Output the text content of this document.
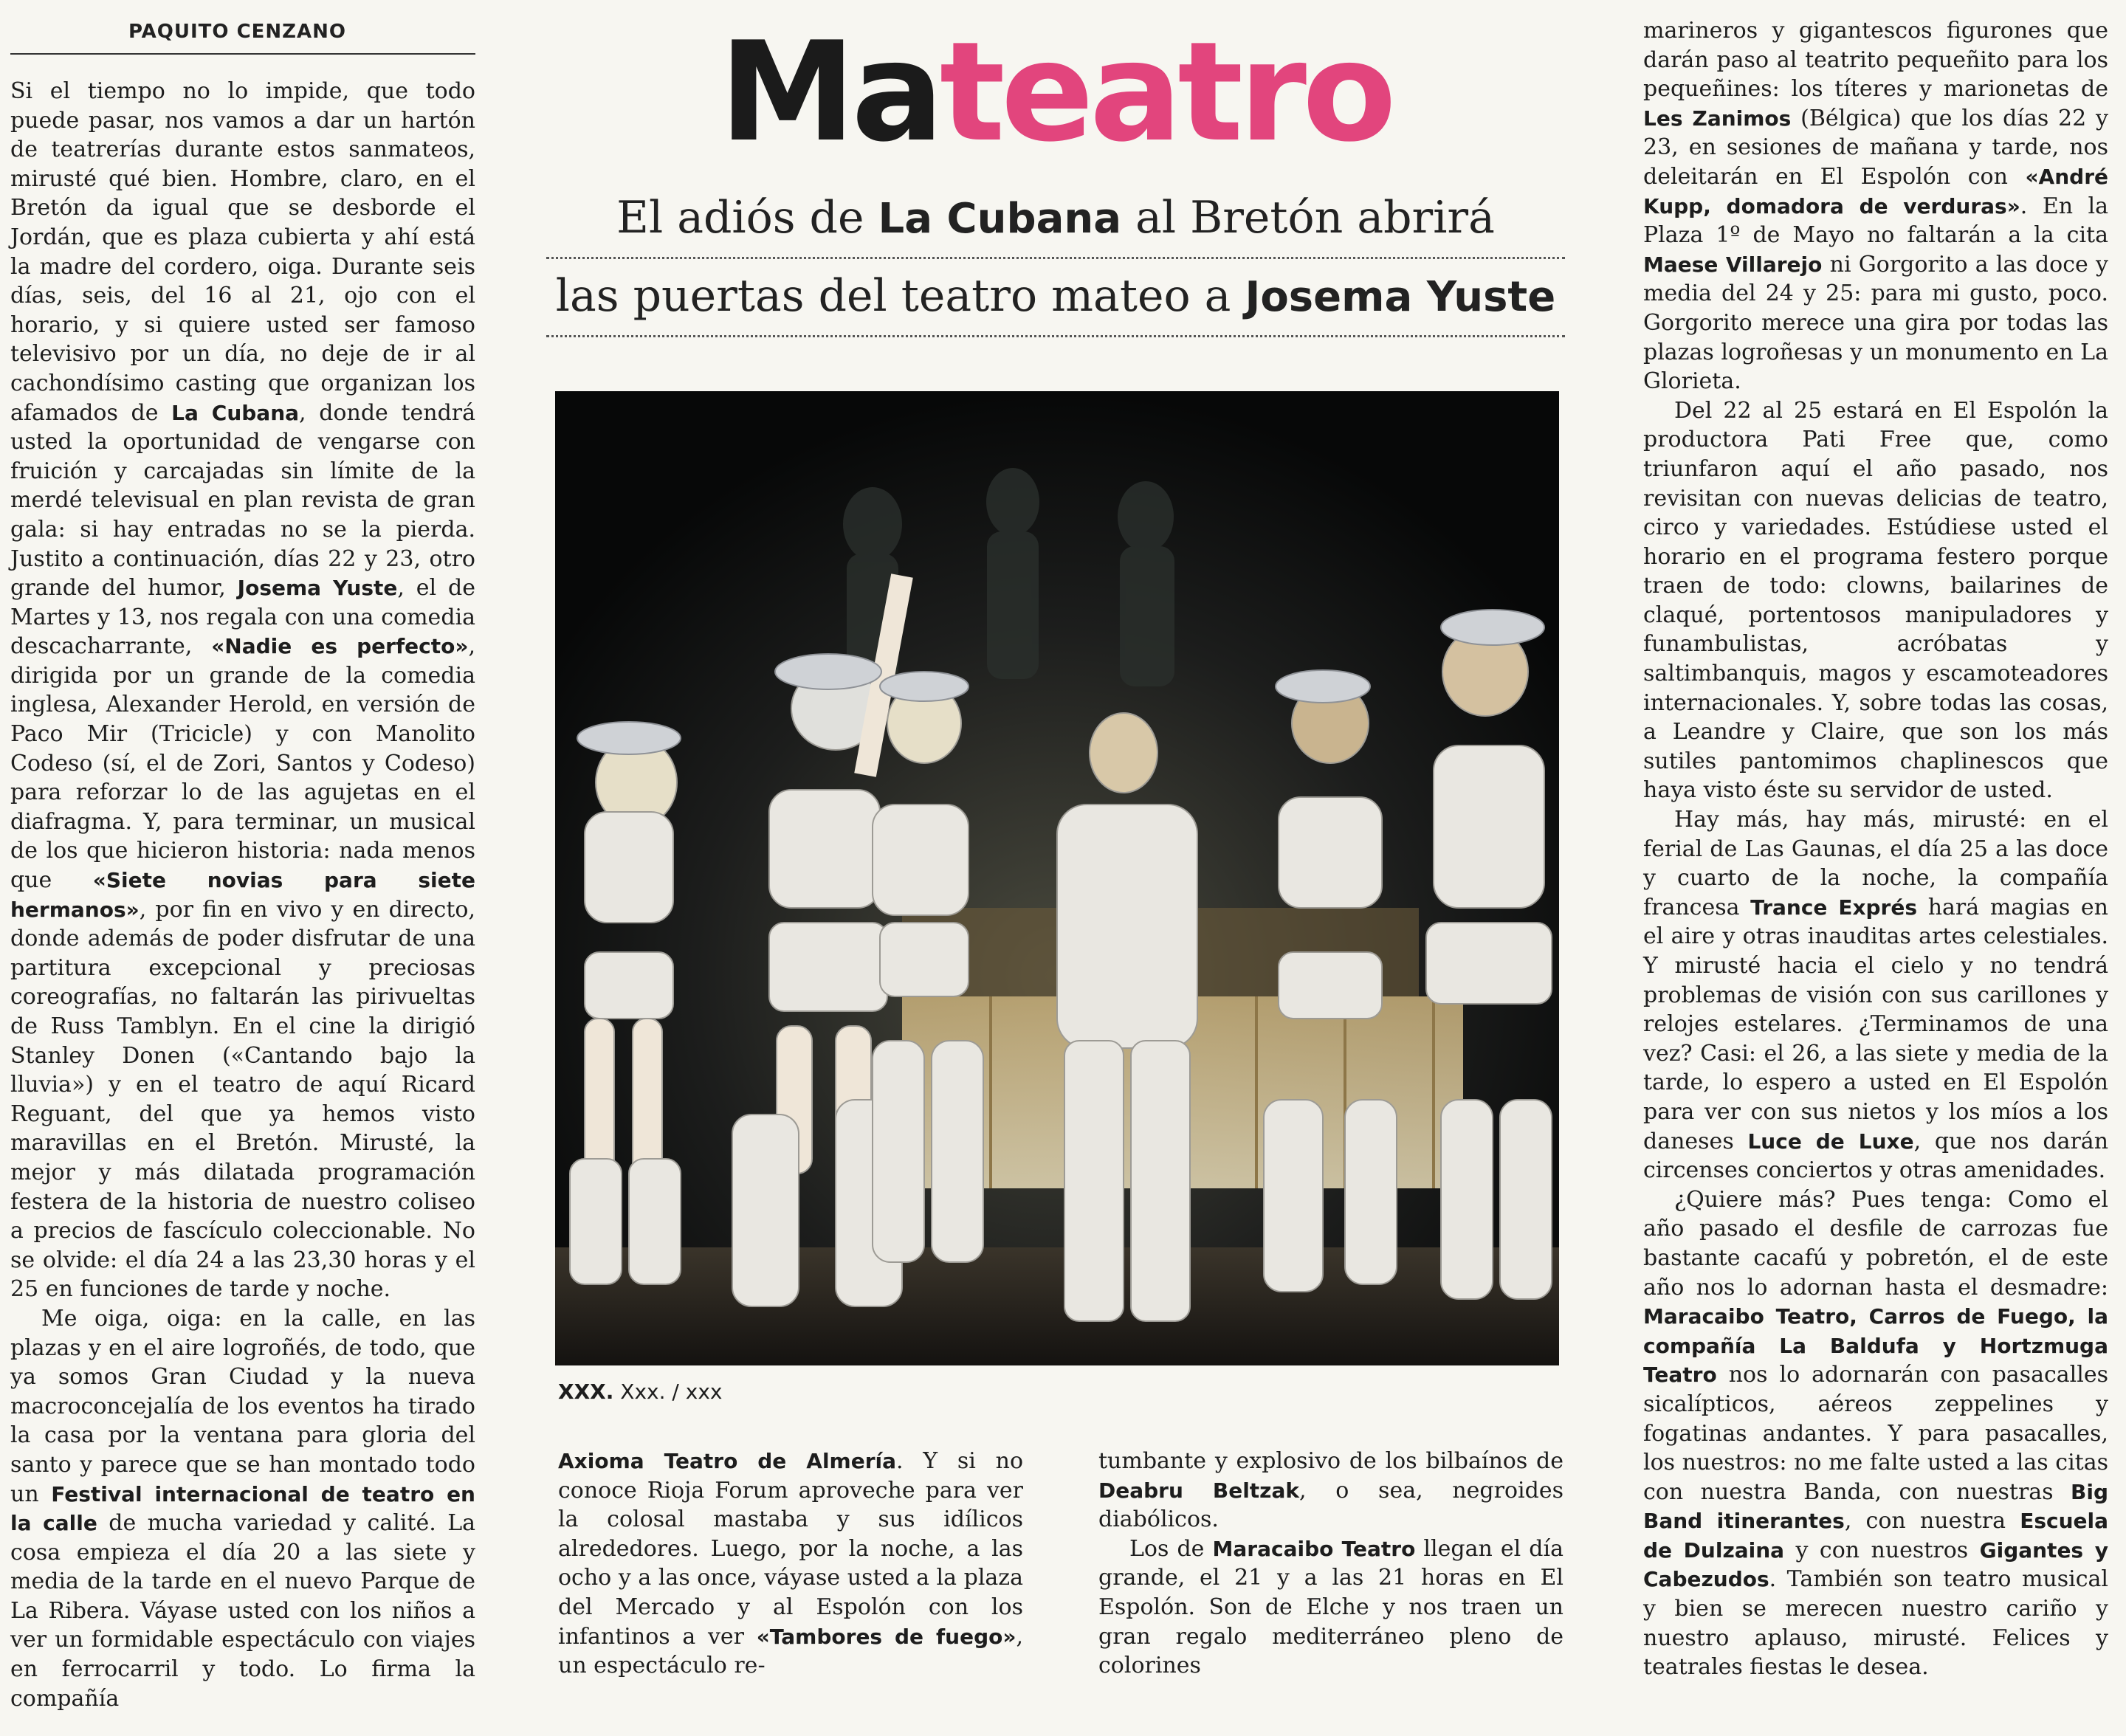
PAQUITO CENZANO	Mateatro
El adiós de La Cubana al Bretón abrirá
las puertas del teatro mateo a Josema Yuste
XXX. Xxx. / xxx

Si el tiempo no lo impide, que todo puede pasar, nos vamos a dar un hartón de teatrerías durante estos sanmateos, mirusté qué bien. Hombre, claro, en el Bretón da igual que se desborde el Jordán, que es plaza cubierta y ahí está la madre del cordero, oiga. Durante seis días, seis, del 16 al 21, ojo con el horario, y si quiere usted ser famoso televisivo por un día, no deje de ir al cachondísimo casting que organizan los afamados de La Cubana, donde tendrá usted la oportunidad de vengarse con fruición y carcajadas sin límite de la merdé televisual en plan revista de gran gala: si hay entradas no se la pierda. Justito a continuación, días 22 y 23, otro grande del humor, Josema Yuste, el de Martes y 13, nos regala con una comedia descacharrante, «Nadie es perfecto», dirigida por un grande de la comedia inglesa, Alexander Herold, en versión de Paco Mir (Tricicle) y con Manolito Codeso (sí, el de Zori, Santos y Codeso) para reforzar lo de las agujetas en el diafragma. Y, para terminar, un musical de los que hicieron historia: nada menos que «Siete novias para siete hermanos», por fin en vivo y en directo, donde además de poder disfrutar de una partitura excepcional y preciosas coreografías, no faltarán las pirivueltas de Russ Tamblyn. En el cine la dirigió Stanley Donen («Cantando bajo la lluvia») y en el teatro de aquí Ricard Reguant, del que ya hemos visto maravillas en el Bretón. Mirusté, la mejor y más dilatada programación festera de la historia de nuestro coliseo a precios de fascículo coleccionable. No se olvide: el día 24 a las 23,30 horas y el 25 en funciones de tarde y noche.

Me oiga, oiga: en la calle, en las plazas y en el aire logroñés, de todo, que ya somos Gran Ciudad y la nueva macroconcejalía de los eventos ha tirado la casa por la ventana para gloria del santo y parece que se han montado todo un Festival internacional de teatro en la calle de mucha variedad y calité. La cosa empieza el día 20 a las siete y media de la tarde en el nuevo Parque de La Ribera. Váyase usted con los niños a ver un formidable espectáculo con viajes en ferrocarril y todo. Lo firma la compañía

Axioma Teatro de Almería. Y si no conoce Rioja Forum aproveche para ver la colosal mastaba y sus idílicos alrededores. Luego, por la noche, a las ocho y a las once, váyase usted a la plaza del Mercado y al Espolón con los infantinos a ver «Tambores de fuego», un espectáculo re-

tumbante y explosivo de los bilbaínos de Deabru Beltzak, o sea, negroides diabólicos.

Los de Maracaibo Teatro llegan el día grande, el 21 y a las 21 horas en El Espolón. Son de Elche y nos traen un gran regalo mediterráneo pleno de colorines

marineros y gigantescos figurones que darán paso al teatrito pequeñito para los pequeñines: los títeres y marionetas de Les Zanimos (Bélgica) que los días 22 y 23, en sesiones de mañana y tarde, nos deleitarán en El Espolón con «André Kupp, domadora de verduras». En la Plaza 1º de Mayo no faltarán a la cita Maese Villarejo ni Gorgorito a las doce y media del 24 y 25: para mi gusto, poco. Gorgorito merece una gira por todas las plazas logroñesas y un monumento en La Glorieta.

Del 22 al 25 estará en El Espolón la productora Pati Free que, como triunfaron aquí el año pasado, nos revisitan con nuevas delicias de teatro, circo y variedades. Estúdiese usted el horario en el programa festero porque traen de todo: clowns, bailarines de claqué, portentosos manipuladores y funambulistas, acróbatas y saltimbanquis, magos y escamoteadores internacionales. Y, sobre todas las cosas, a Leandre y Claire, que son los más sutiles pantomimos chaplinescos que haya visto éste su servidor de usted.

Hay más, hay más, mirusté: en el ferial de Las Gaunas, el día 25 a las doce y cuarto de la noche, la compañía francesa Trance Exprés hará magias en el aire y otras inauditas artes celestiales. Y mirusté hacia el cielo y no tendrá problemas de visión con sus carillones y relojes estelares. ¿Terminamos de una vez? Casi: el 26, a las siete y media de la tarde, lo espero a usted en El Espolón para ver con sus nietos y los míos a los daneses Luce de Luxe, que nos darán circenses conciertos y otras amenidades.

¿Quiere más? Pues tenga: Como el año pasado el desfile de carrozas fue bastante cacafú y pobretón, el de este año nos lo adornan hasta el desmadre: Maracaibo Teatro, Carros de Fuego, la compañía La Baldufa y Hortzmuga Teatro nos lo adornarán con pasacalles sicalípticos, aéreos zeppelines y fogatinas andantes. Y para pasacalles, los nuestros: no me falte usted a las citas con nuestra Banda, con nuestras Big Band itinerantes, con nuestra Escuela de Dulzaina y con nuestros Gigantes y Cabezudos. También son teatro musical y bien se merecen nuestro cariño y nuestro aplauso, mirusté. Felices y teatrales fiestas le desea.
